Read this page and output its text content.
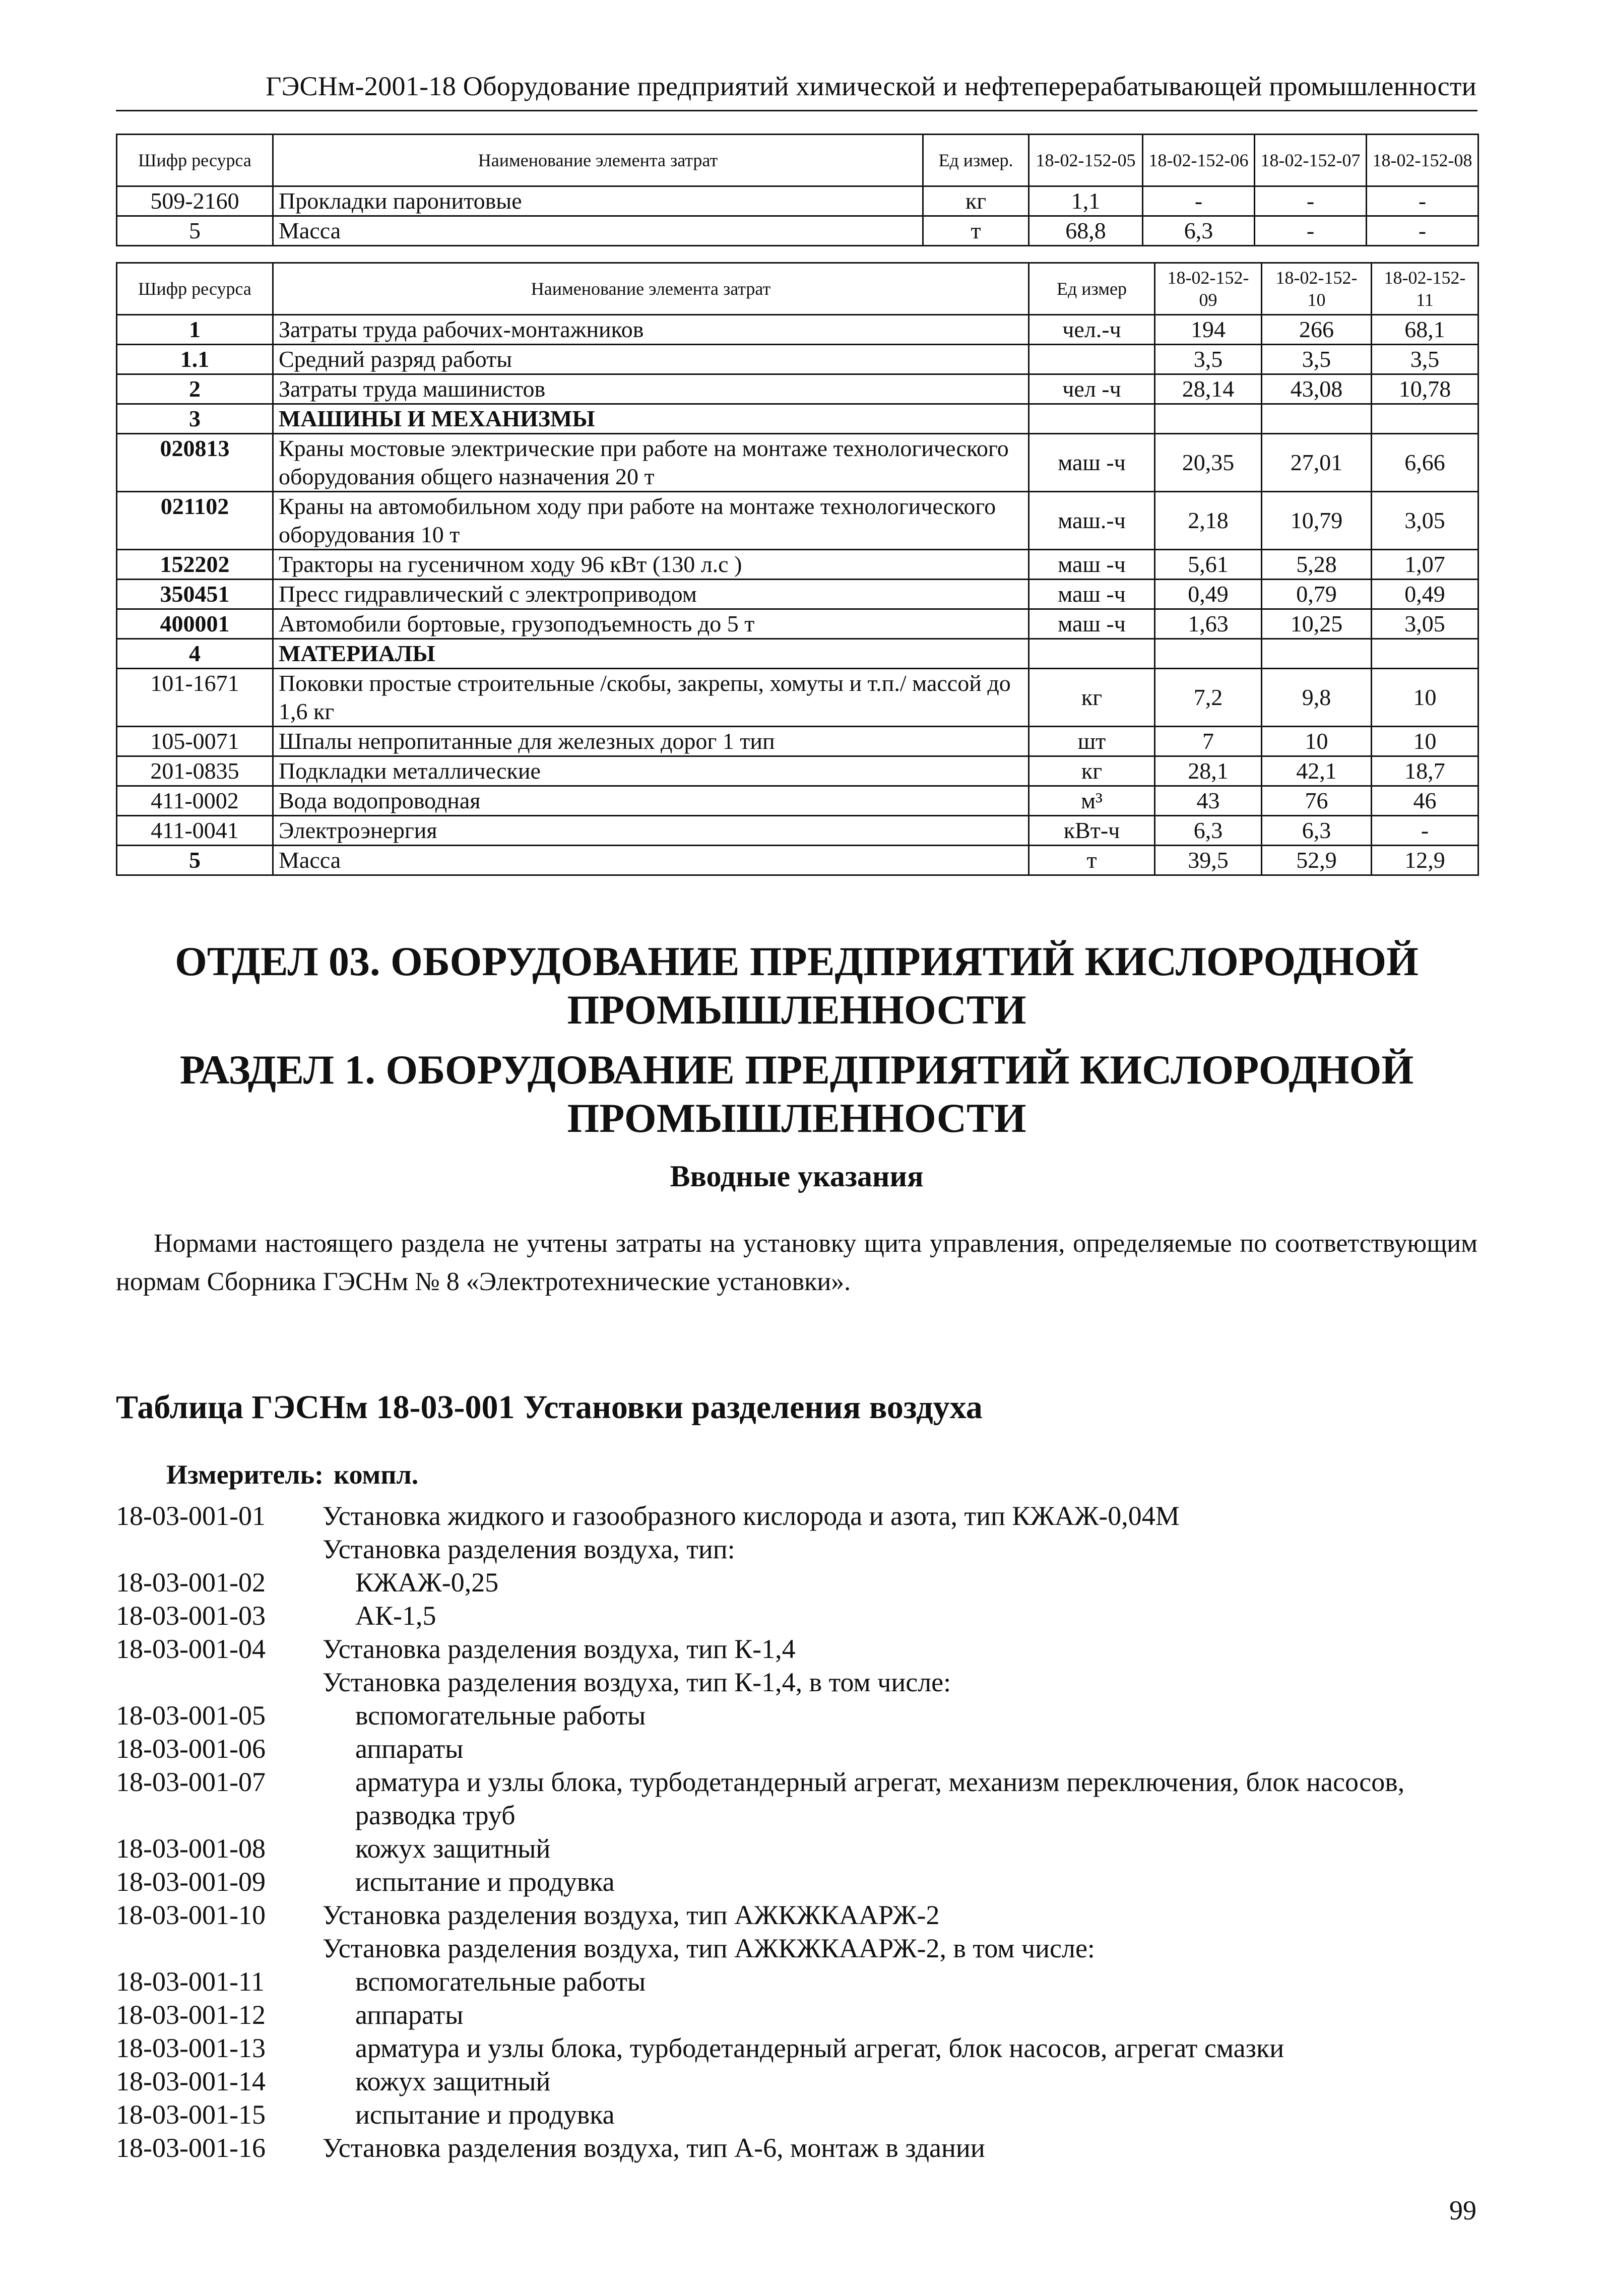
ГЭСНм-2001-18 Оборудование предприятий химической и нефтеперерабатывающей промышленности
Шифр ресурса	Наименование элемента затрат	Ед измер.	18-02-152-05	18-02-152-06	18-02-152-07	18-02-152-08
509-2160	Прокладки паронитовые	кг	1,1	-	-	-
5	Масса	т	68,8	6,3	-	-
Шифр ресурса	Наименование элемента затрат	Ед измер	18-02-152-09	18-02-152-10	18-02-152-11
1	Затраты труда рабочих-монтажников	чел.-ч	194	266	68,1
1.1	Средний разряд работы		3,5	3,5	3,5
2	Затраты труда машинистов	чел -ч	28,14	43,08	10,78
3	МАШИНЫ И МЕХАНИЗМЫ				
020813	Краны мостовые электрические при работе на монтаже технологического оборудования общего назначения 20 т	маш -ч	20,35	27,01	6,66
021102	Краны на автомобильном ходу при работе на монтаже технологического оборудования 10 т	маш.-ч	2,18	10,79	3,05
152202	Тракторы на гусеничном ходу 96 кВт (130 л.с )	маш -ч	5,61	5,28	1,07
350451	Пресс гидравлический с электроприводом	маш -ч	0,49	0,79	0,49
400001	Автомобили бортовые, грузоподъемность до 5 т	маш -ч	1,63	10,25	3,05
4	МАТЕРИАЛЫ				
101-1671	Поковки простые строительные /скобы, закрепы, хомуты и т.п./ массой до 1,6 кг	кг	7,2	9,8	10
105-0071	Шпалы непропитанные для железных дорог 1 тип	шт	7	10	10
201-0835	Подкладки металлические	кг	28,1	42,1	18,7
411-0002	Вода водопроводная	м³	43	76	46
411-0041	Электроэнергия	кВт-ч	6,3	6,3	-
5	Масса	т	39,5	52,9	12,9
ОТДЕЛ 03. ОБОРУДОВАНИЕ ПРЕДПРИЯТИЙ КИСЛОРОДНОЙ
ПРОМЫШЛЕННОСТИ
РАЗДЕЛ 1. ОБОРУДОВАНИЕ ПРЕДПРИЯТИЙ КИСЛОРОДНОЙ
ПРОМЫШЛЕННОСТИ
Вводные указания
Нормами настоящего раздела не учтены затраты на установку щита управления, определяемые по соответствующим нормам Сборника ГЭСНм № 8 «Электротехнические установки».
Таблица ГЭСНм 18-03-001 Установки разделения воздуха
Измеритель: компл.
18-03-001-01	Установка жидкого и газообразного кислорода и азота, тип КЖАЖ-0,04М
Установка разделения воздуха, тип:
18-03-001-02	КЖАЖ-0,25
18-03-001-03	АК-1,5
18-03-001-04	Установка разделения воздуха, тип К-1,4
Установка разделения воздуха, тип К-1,4, в том числе:
18-03-001-05	вспомогательные работы
18-03-001-06	аппараты
18-03-001-07	арматура и узлы блока, турбодетандерный агрегат, механизм переключения, блок насосов, разводка труб
18-03-001-08	кожух защитный
18-03-001-09	испытание и продувка
18-03-001-10	Установка разделения воздуха, тип АЖКЖКААРЖ-2
Установка разделения воздуха, тип АЖКЖКААРЖ-2, в том числе:
18-03-001-11	вспомогательные работы
18-03-001-12	аппараты
18-03-001-13	арматура и узлы блока, турбодетандерный агрегат, блок насосов, агрегат смазки
18-03-001-14	кожух защитный
18-03-001-15	испытание и продувка
18-03-001-16	Установка разделения воздуха, тип А-6, монтаж в здании
99
